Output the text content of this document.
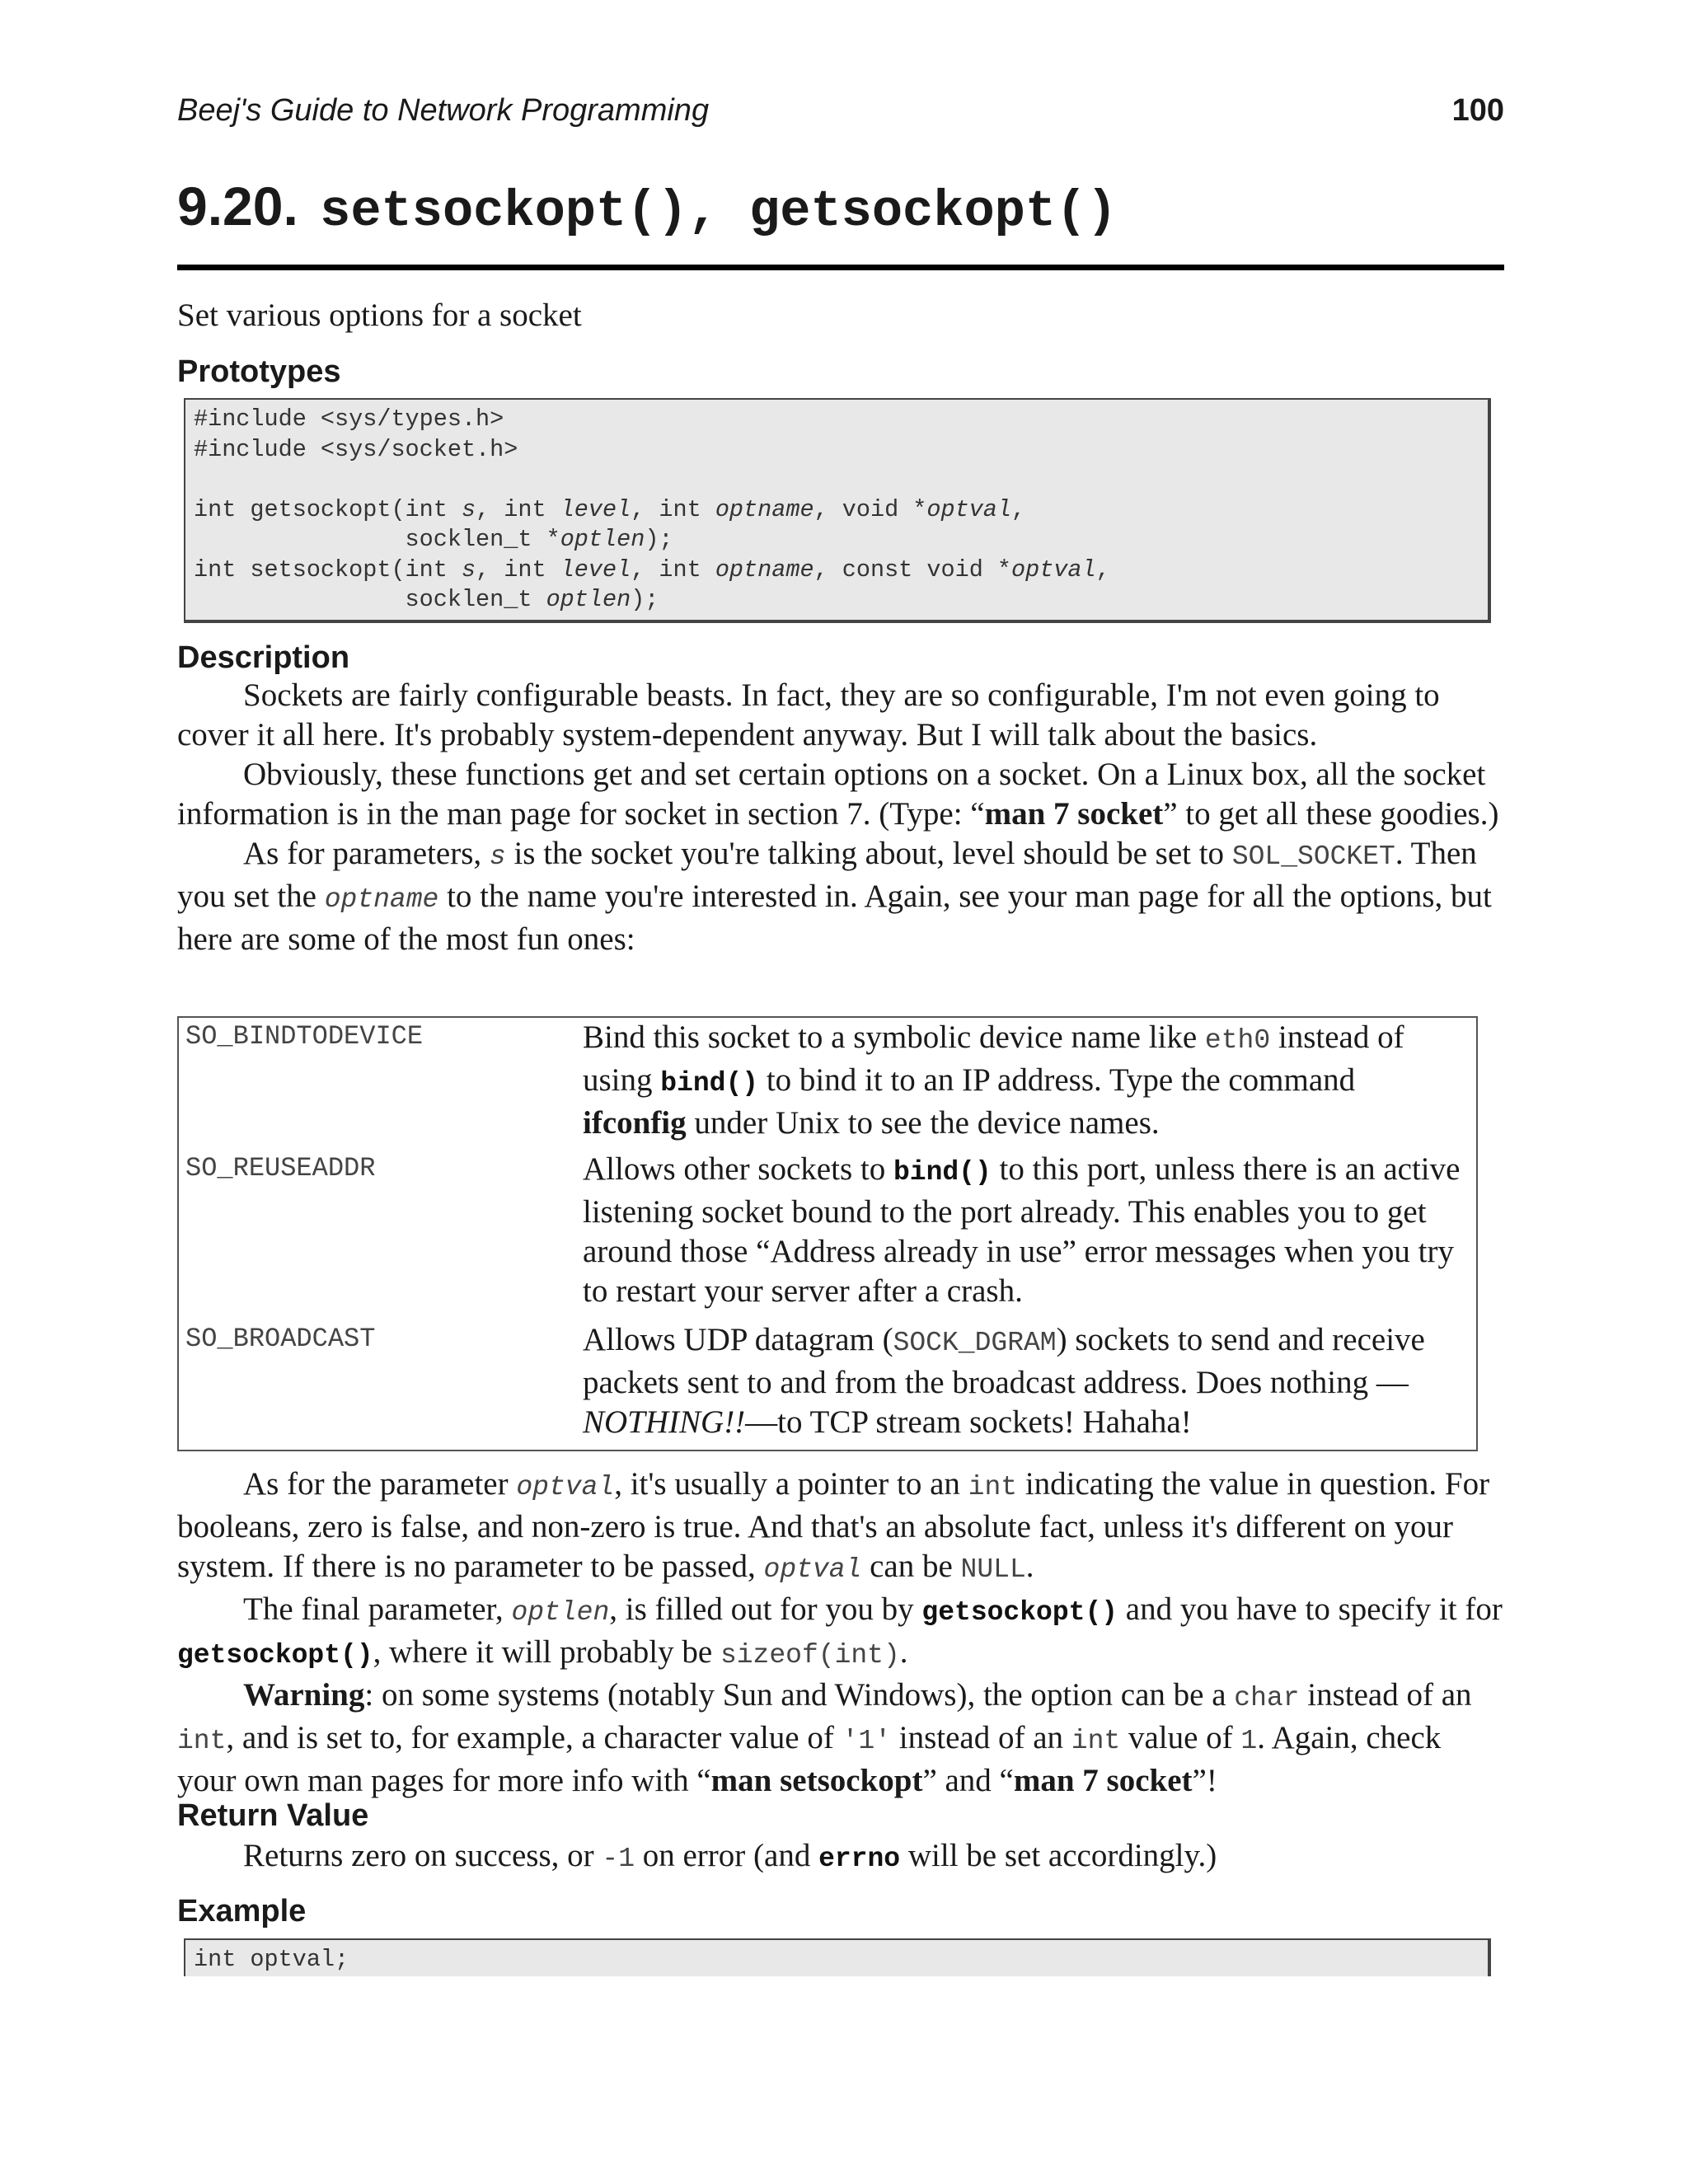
Beej's Guide to Network Programming	100
9.20. setsockopt(), getsockopt()
Set various options for a socket
Prototypes
#include <sys/types.h>
#include <sys/socket.h>

int getsockopt(int s, int level, int optname, void *optval,
socklen_t *optlen);
int setsockopt(int s, int level, int optname, const void *optval,
socklen_t optlen);
Description

Sockets are fairly configurable beasts. In fact, they are so configurable, I'm not even going to cover it all here. It's probably system-dependent anyway. But I will talk about the basics.

Obviously, these functions get and set certain options on a socket. On a Linux box, all the socket information is in the man page for socket in section 7. (Type: “man 7 socket” to get all these goodies.)

As for parameters, s is the socket you're talking about, level should be set to SOL_SOCKET. Then you set the optname to the name you're interested in. Again, see your man page for all the options, but here are some of the most fun ones:

SO_BINDTODEVICE	Bind this socket to a symbolic device name like eth0 instead of using bind() to bind it to an IP address. Type the command ifconfig under Unix to see the device names.
SO_REUSEADDR	Allows other sockets to bind() to this port, unless there is an active listening socket bound to the port already. This enables you to get around those “Address already in use” error messages when you try to restart your server after a crash.
SO_BROADCAST	Allows UDP datagram (SOCK_DGRAM) sockets to send and receive packets sent to and from the broadcast address. Does nothing —NOTHING!!—to TCP stream sockets! Hahaha!

As for the parameter optval, it's usually a pointer to an int indicating the value in question. For booleans, zero is false, and non-zero is true. And that's an absolute fact, unless it's different on your system. If there is no parameter to be passed, optval can be NULL.

The final parameter, optlen, is filled out for you by getsockopt() and you have to specify it for getsockopt(), where it will probably be sizeof(int).

Warning: on some systems (notably Sun and Windows), the option can be a char instead of an int, and is set to, for example, a character value of '1' instead of an int value of 1. Again, check your own man pages for more info with “man setsockopt” and “man 7 socket”!

Return Value

Returns zero on success, or -1 on error (and errno will be set accordingly.)

Example
int optval;
